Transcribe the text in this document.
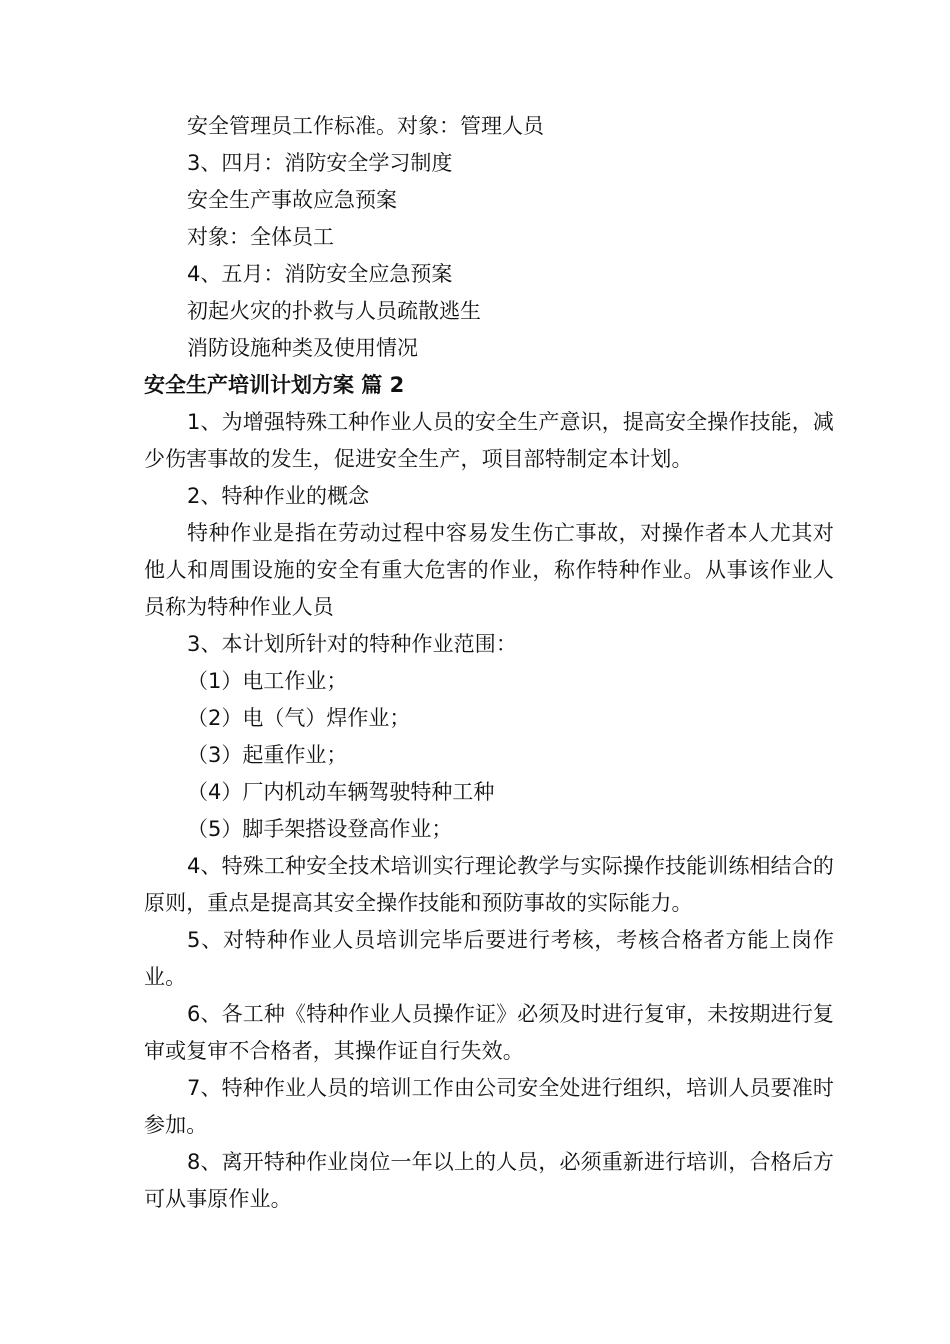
安全管理员工作标准。对象：管理人员
3、四月：消防安全学习制度
安全生产事故应急预案
对象：全体员工
4、五月：消防安全应急预案
初起火灾的扑救与人员疏散逃生
消防设施种类及使用情况
安全生产培训计划方案 篇 2

1、为增强特殊工种作业人员的安全生产意识，提高安全操作技能，减少伤害事故的发生，促进安全生产，项目部特制定本计划。

2、特种作业的概念

特种作业是指在劳动过程中容易发生伤亡事故，对操作者本人尤其对他人和周围设施的安全有重大危害的作业，称作特种作业。从事该作业人员称为特种作业人员

3、本计划所针对的特种作业范围：

（1）电工作业；
（2）电（气）焊作业；
（3）起重作业；
（4）厂内机动车辆驾驶特种工种
（5）脚手架搭设登高作业；

4、特殊工种安全技术培训实行理论教学与实际操作技能训练相结合的原则，重点是提高其安全操作技能和预防事故的实际能力。

5、对特种作业人员培训完毕后要进行考核，考核合格者方能上岗作业。

6、各工种《特种作业人员操作证》必须及时进行复审，未按期进行复审或复审不合格者，其操作证自行失效。

7、特种作业人员的培训工作由公司安全处进行组织，培训人员要准时参加。

8、离开特种作业岗位一年以上的人员，必须重新进行培训，合格后方可从事原作业。
